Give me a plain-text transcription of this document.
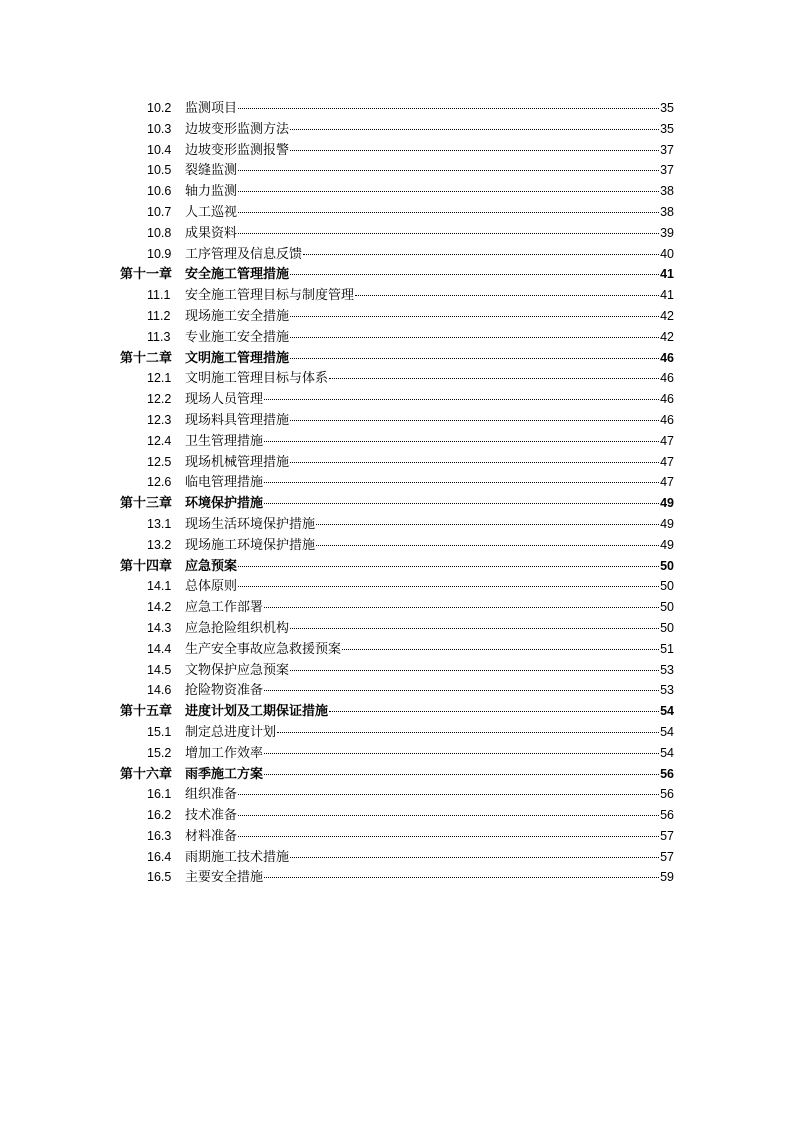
10.2	监测项目	35
10.3	边坡变形监测方法	35
10.4	边坡变形监测报警	37
10.5	裂缝监测	37
10.6	轴力监测	38
10.7	人工巡视	38
10.8	成果资料	39
10.9	工序管理及信息反馈	40
第十一章 安全施工管理措施	41
11.1	安全施工管理目标与制度管理	41
11.2	现场施工安全措施	42
11.3	专业施工安全措施	42
第十二章 文明施工管理措施	46
12.1	文明施工管理目标与体系	46
12.2	现场人员管理	46
12.3	现场料具管理措施	46
12.4	卫生管理措施	47
12.5	现场机械管理措施	47
12.6	临电管理措施	47
第十三章 环境保护措施	49
13.1	现场生活环境保护措施	49
13.2	现场施工环境保护措施	49
第十四章 应急预案	50
14.1	总体原则	50
14.2	应急工作部署	50
14.3	应急抢险组织机构	50
14.4	生产安全事故应急救援预案	51
14.5	文物保护应急预案	53
14.6	抢险物资准备	53
第十五章 进度计划及工期保证措施	54
15.1	制定总进度计划	54
15.2	增加工作效率	54
第十六章 雨季施工方案	56
16.1	组织准备	56
16.2	技术准备	56
16.3	材料准备	57
16.4	雨期施工技术措施	57
16.5	主要安全措施	59
